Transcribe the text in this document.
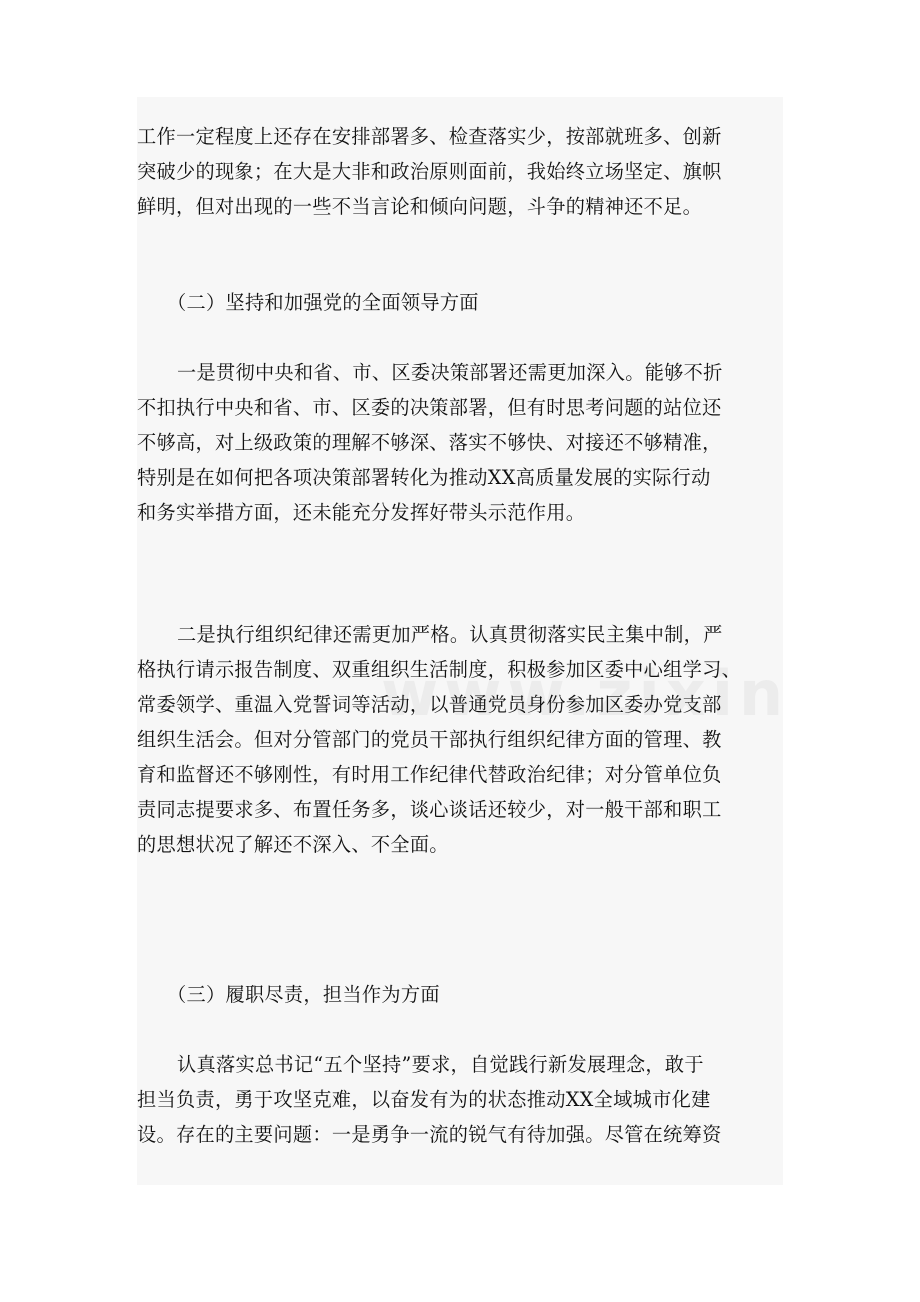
工作一定程度上还存在安排部署多、检查落实少，按部就班多、创新
突破少的现象；在大是大非和政治原则面前，我始终立场坚定、旗帜
鲜明，但对出现的一些不当言论和倾向问题，斗争的精神还不足。
（二）坚持和加强党的全面领导方面
一是贯彻中央和省、市、区委决策部署还需更加深入。能够不折
不扣执行中央和省、市、区委的决策部署，但有时思考问题的站位还
不够高，对上级政策的理解不够深、落实不够快、对接还不够精准，
特别是在如何把各项决策部署转化为推动XX高质量发展的实际行动
和务实举措方面，还未能充分发挥好带头示范作用。
二是执行组织纪律还需更加严格。认真贯彻落实民主集中制，严
格执行请示报告制度、双重组织生活制度，积极参加区委中心组学习、
常委领学、重温入党誓词等活动，以普通党员身份参加区委办党支部
组织生活会。但对分管部门的党员干部执行组织纪律方面的管理、教
育和监督还不够刚性，有时用工作纪律代替政治纪律；对分管单位负
责同志提要求多、布置任务多，谈心谈话还较少，对一般干部和职工
的思想状况了解还不深入、不全面。
（三）履职尽责，担当作为方面
认真落实总书记“五个坚持”要求，自觉践行新发展理念，敢于
担当负责，勇于攻坚克难，以奋发有为的状态推动XX全域城市化建
设。存在的主要问题：一是勇争一流的锐气有待加强。尽管在统筹资
